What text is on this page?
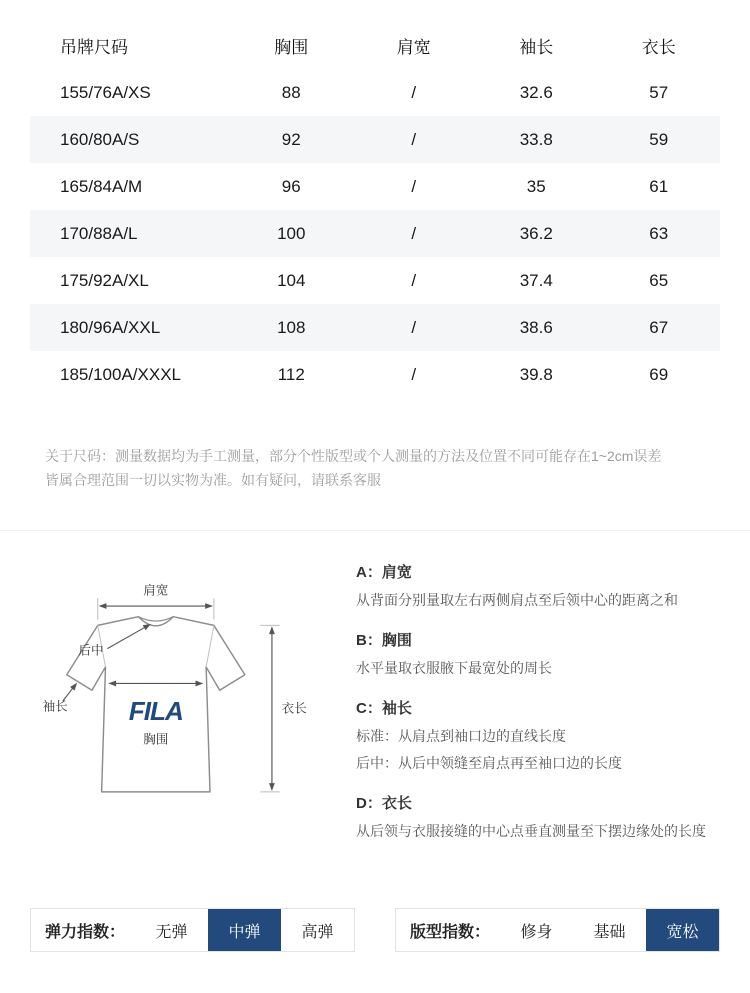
吊牌尺码	胸围	肩宽	袖长	衣长
155/76A/XS	88	/	32.6	57
160/80A/S	92	/	33.8	59
165/84A/M	96	/	35	61
170/88A/L	100	/	36.2	63
175/92A/XL	104	/	37.4	65
180/96A/XXL	108	/	38.6	67
185/100A/XXXL	112	/	39.8	69

关于尺码：测量数据均为手工测量，部分个性版型或个人测量的方法及位置不同可能存在1~2cm误差

皆属合理范围一切以实物为准。如有疑问，请联系客服

肩宽
后中
袖长 FILA
胸围
衣长
A：肩宽

从背面分别量取左右两侧肩点至后领中心的距离之和

B：胸围

水平量取衣服腋下最宽处的周长

C：袖长

标准：从肩点到袖口边的直线长度

后中：从后中领缝至肩点再至袖口边的长度

D：衣长

从后领与衣服接缝的中心点垂直测量至下摆边缘处的长度

弹力指数：	无弹	中弹	高弹	版型指数：	修身	基础	宽松
